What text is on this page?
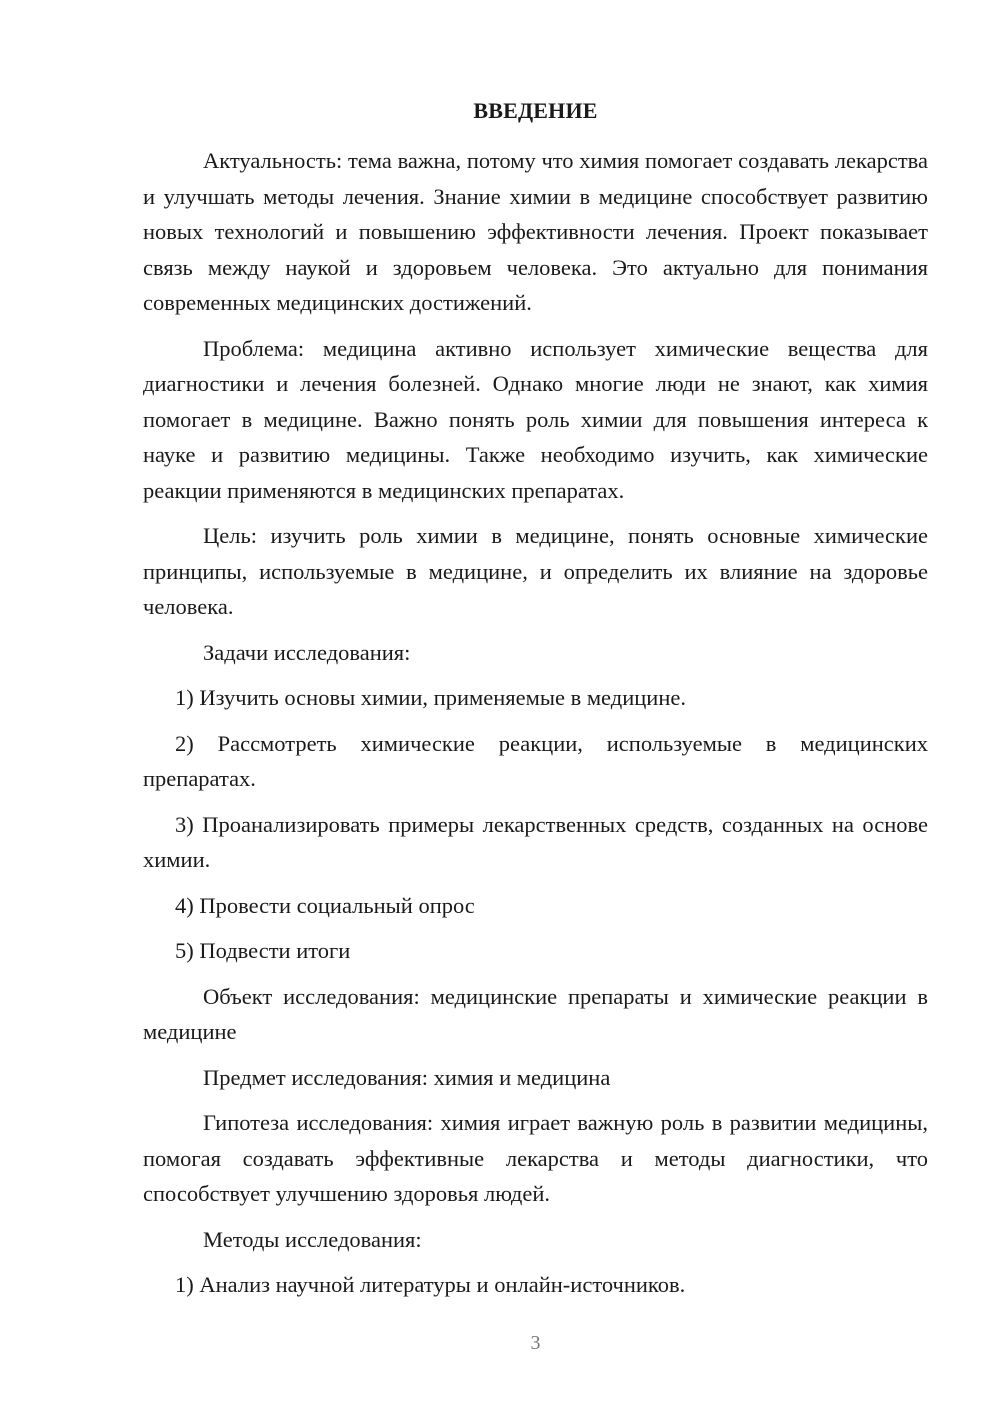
ВВЕДЕНИЕ

Актуальность: тема важна, потому что химия помогает создавать лекарства и улучшать методы лечения. Знание химии в медицине способствует развитию новых технологий и повышению эффективности лечения. Проект показывает связь между наукой и здоровьем человека. Это актуально для понимания современных медицинских достижений.

Проблема: медицина активно использует химические вещества для диагностики и лечения болезней. Однако многие люди не знают, как химия помогает в медицине. Важно понять роль химии для повышения интереса к науке и развитию медицины. Также необходимо изучить, как химические реакции применяются в медицинских препаратах.

Цель: изучить роль химии в медицине, понять основные химические принципы, используемые в медицине, и определить их влияние на здоровье человека.

Задачи исследования:

1) Изучить основы химии, применяемые в медицине.

2) Рассмотреть химические реакции, используемые в медицинских препаратах.

3) Проанализировать примеры лекарственных средств, созданных на основе химии.

4) Провести социальный опрос

5) Подвести итоги

Объект исследования: медицинские препараты и химические реакции в медицине

Предмет исследования: химия и медицина

Гипотеза исследования: химия играет важную роль в развитии медицины, помогая создавать эффективные лекарства и методы диагностики, что способствует улучшению здоровья людей.

Методы исследования:

1) Анализ научной литературы и онлайн-источников.

3
